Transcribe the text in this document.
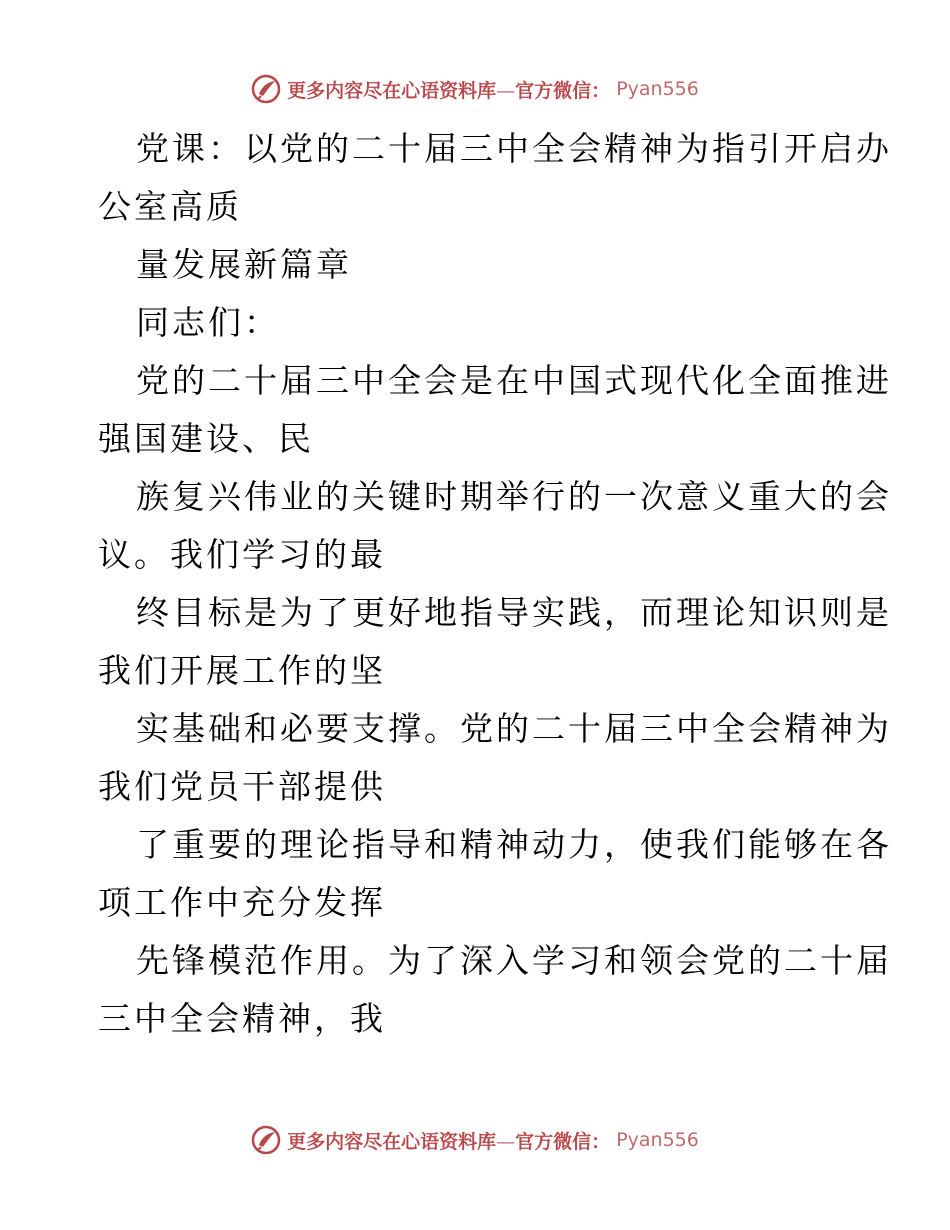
更多内容尽在心语资料库—官方微信： Pyan556
党课：以党的二十届三中全会精神为指引开启办
公室高质
量发展新篇章
同志们：
党的二十届三中全会是在中国式现代化全面推进
强国建设、民
族复兴伟业的关键时期举行的一次意义重大的会
议。我们学习的最
终目标是为了更好地指导实践，而理论知识则是
我们开展工作的坚
实基础和必要支撑。党的二十届三中全会精神为
我们党员干部提供
了重要的理论指导和精神动力，使我们能够在各
项工作中充分发挥
先锋模范作用。为了深入学习和领会党的二十届
三中全会精神，我
更多内容尽在心语资料库—官方微信： Pyan556
